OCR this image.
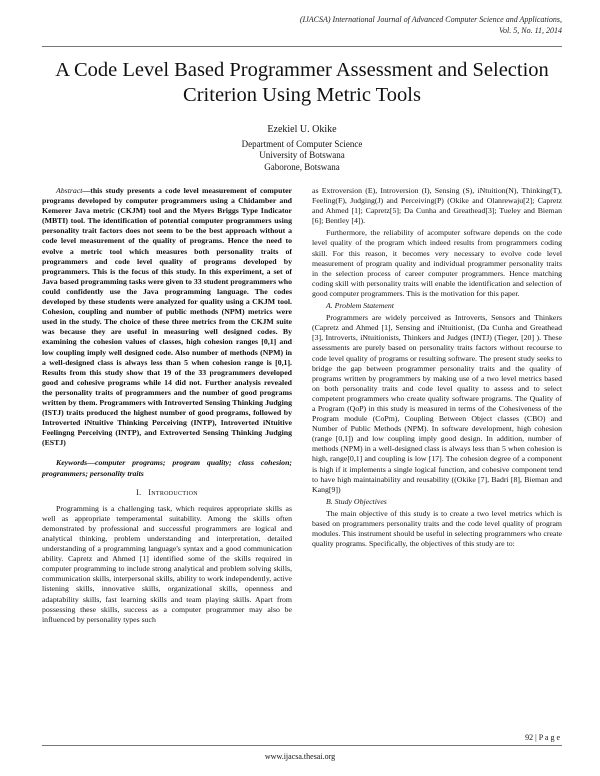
(IJACSA) International Journal of Advanced Computer Science and Applications,
Vol. 5, No. 11, 2014
A Code Level Based Programmer Assessment and Selection Criterion Using Metric Tools
Ezekiel U. Okike
Department of Computer Science
University of Botswana
Gaborone, Botswana

Abstract—this study presents a code level measurement of computer programs developed by computer programmers using a Chidamber and Kemerer Java metric (CKJM) tool and the Myers Briggs Type Indicator (MBTI) tool. The identification of potential computer programmers using personality trait factors does not seem to be the best approach without a code level measurement of the quality of programs. Hence the need to evolve a metric tool which measures both personality traits of programmers and code level quality of programs developed by programmers. This is the focus of this study. In this experiment, a set of Java based programming tasks were given to 33 student programmers who could confidently use the Java programming language. The codes developed by these students were analyzed for quality using a CKJM tool. Cohesion, coupling and number of public methods (NPM) metrics were used in the study. The choice of these three metrics from the CKJM suite was because they are useful in measuring well designed codes. By examining the cohesion values of classes, high cohesion ranges [0,1] and low coupling imply well designed code. Also number of methods (NPM) in a well-designed class is always less than 5 when cohesion range is [0,1]. Results from this study show that 19 of the 33 programmers developed good and cohesive programs while 14 did not. Further analysis revealed the personality traits of programmers and the number of good programs written by them. Programmers with Introverted Sensing Thinking Judging (ISTJ) traits produced the highest number of good programs, followed by Introverted iNtuitive Thinking Perceiving (INTP), Introverted iNtuitive Feelingng Perceiving (INTP), and Extroverted Sensing Thinking Judging (ESTJ)

Keywords—computer programs; program quality; class cohesion; programmers; personality traits

I. Introduction

Programming is a challenging task, which requires appropriate skills as well as appropriate temperamental suitability. Among the skills often demonstrated by professional and successful programmers are logical and analytical thinking, problem understanding and interpretation, detailed understanding of a programming language's syntax and a good communication ability. Capretz and Ahmed [1] identified some of the skills required in computer programming to include strong analytical and problem solving skills, communication skills, interpersonal skills, ability to work independently, active listening skills, innovative skills, organizational skills, openness and adaptability skills, fast learning skills and team playing skills. Apart from possessing these skills, success as a computer programmer may also be influenced by personality types such

as Extroversion (E), Introversion (I), Sensing (S), iNtuition(N), Thinking(T), Feeling(F), Judging(J) and Perceiving(P) (Okike and Olanrewaju[2]; Capretz and Ahmed [1]; Capretz[5]; Da Cunha and Greathead[3]; Tueley and Bieman [6]; Bentley [4]).

Furthermore, the reliability of acomputer software depends on the code level quality of the program which indeed results from programmers coding skill. For this reason, it becomes very necessary to evolve code level measurement of program quality and individual programmer personality traits in the selection process of career computer programmers. Hence matching coding skill with personality traits will enable the identification and selection of good computer programmers. This is the motivation for this paper.

A. Problem Statement

Programmers are widely perceived as Introverts, Sensors and Thinkers (Capretz and Ahmed [1], Sensing and iNtuitionist, (Da Cunha and Greathead [3], Introverts, iNtuitionists, Thinkers and Judges (INTJ) (Tieger, [20] ). These assessments are purely based on personality traits factors without recourse to code level quality of programs or resulting software. The present study seeks to bridge the gap between programmer personality traits and the quality of programs written by programmers by making use of a two level metrics based on both personality traits and code level quality to assess and to select competent programmers who create quality software programs. The Quality of a Program (QoP) in this study is measured in terms of the Cohesiveness of the Program module (CoPm), Coupling Between Object classes (CBO) and Number of Public Methods (NPM). In software development, high cohesion (range [0,1]) and low coupling imply good design. In addition, number of methods (NPM) in a well-designed class is always less than 5 when cohesion is high, range[0,1] and coupling is low [17]. The cohesion degree of a component is high if it implements a single logical function, and cohesive component tend to have high maintainability and reusability ((Okike [7], Badri [8], Bieman and Kang[9])

B. Study Objectives

The main objective of this study is to create a two level metrics which is based on programmers personality traits and the code level quality of program modules. This instrument should be useful in selecting programmers who create quality programs. Specifically, the objectives of this study are to:

92 | P a g e
www.ijacsa.thesai.org
